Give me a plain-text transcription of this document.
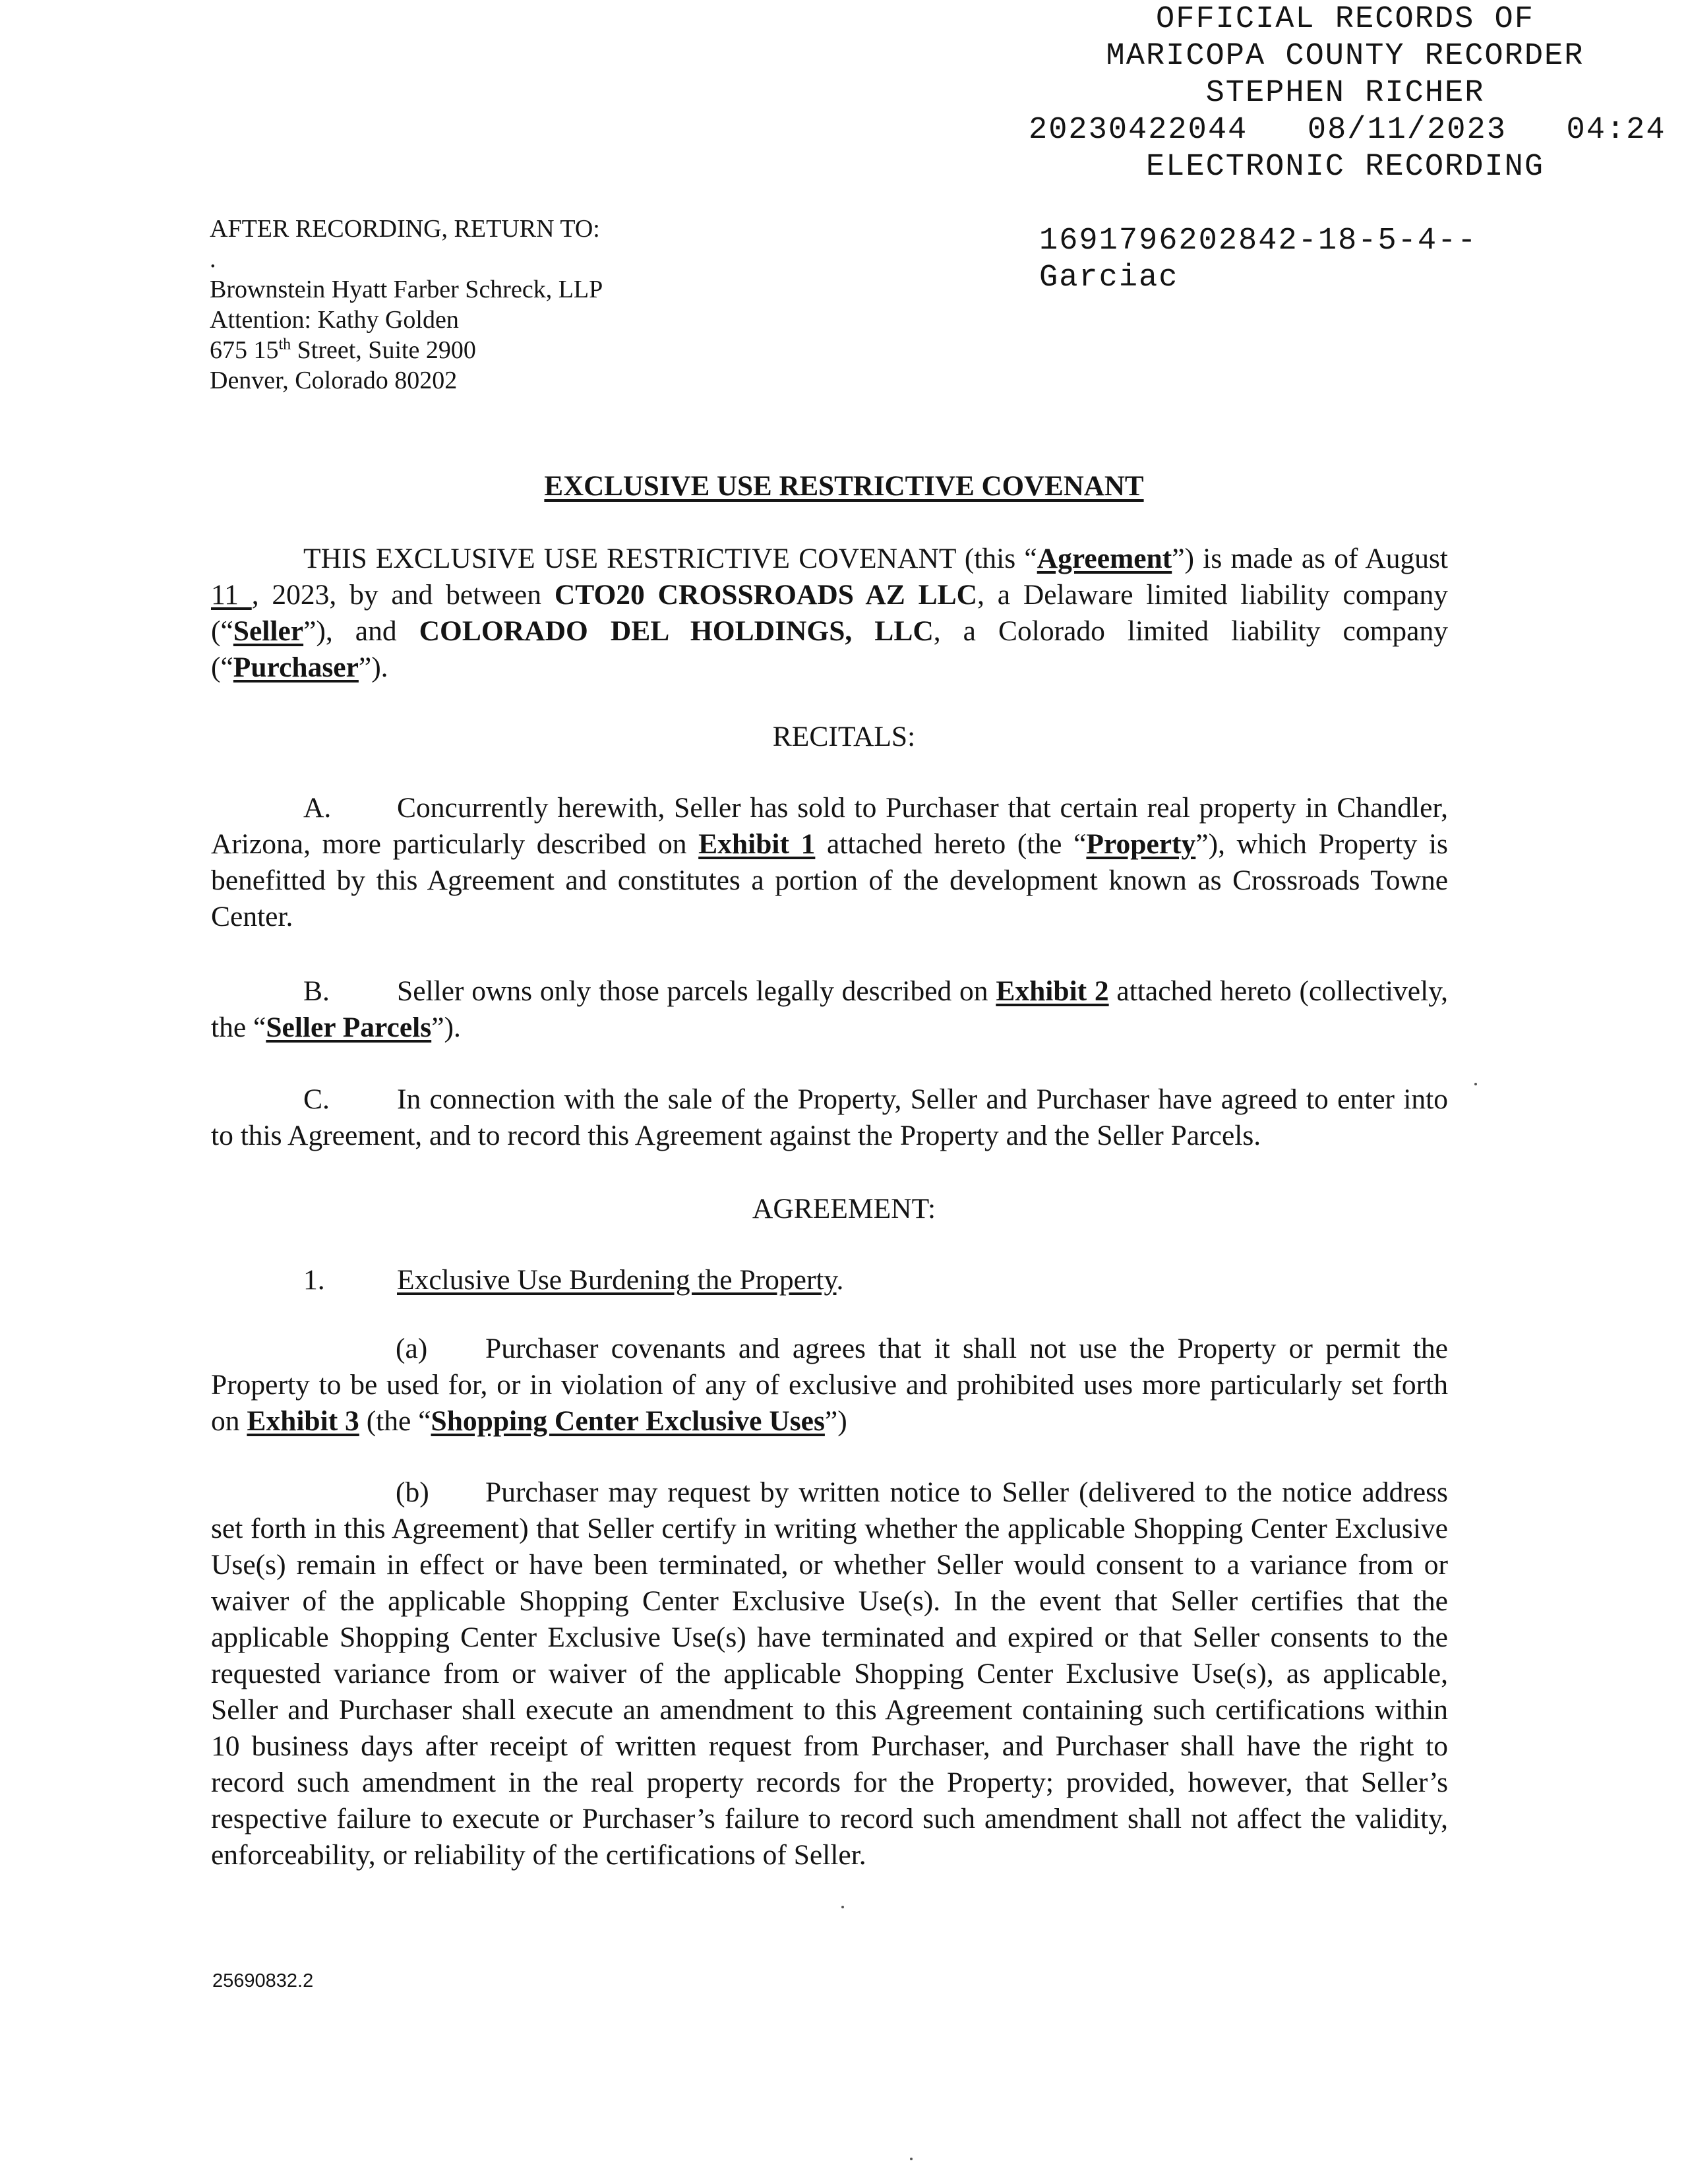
OFFICIAL RECORDS OF
MARICOPA COUNTY RECORDER
STEPHEN RICHER
20230422044   08/11/2023   04:24
ELECTRONIC RECORDING
1691796202842-18-5-4--
Garciac
AFTER RECORDING, RETURN TO:
.
Brownstein Hyatt Farber Schreck, LLP
Attention: Kathy Golden
675 15th Street, Suite 2900
Denver, Colorado 80202
EXCLUSIVE USE RESTRICTIVE COVENANT
THIS EXCLUSIVE USE RESTRICTIVE COVENANT (this “Agreement”) is made as of August 11 , 2023, by and between CTO20 CROSSROADS AZ LLC, a Delaware limited liability company (“Seller”), and COLORADO DEL HOLDINGS, LLC, a Colorado limited liability company (“Purchaser”).
RECITALS:
A. Concurrently herewith, Seller has sold to Purchaser that certain real property in Chandler, Arizona, more particularly described on Exhibit 1 attached hereto (the “Property”), which Property is benefitted by this Agreement and constitutes a portion of the development known as Crossroads Towne Center.
B. Seller owns only those parcels legally described on Exhibit 2 attached hereto (collectively, the “Seller Parcels”).
C. In connection with the sale of the Property, Seller and Purchaser have agreed to enter into to this Agreement, and to record this Agreement against the Property and the Seller Parcels.
AGREEMENT:
1.	Exclusive Use Burdening the Property.
(a) Purchaser covenants and agrees that it shall not use the Property or permit the Property to be used for, or in violation of any of exclusive and prohibited uses more particularly set forth on Exhibit 3 (the “Shopping Center Exclusive Uses”)
(b) Purchaser may request by written notice to Seller (delivered to the notice address set forth in this Agreement) that Seller certify in writing whether the applicable Shopping Center Exclusive Use(s) remain in effect or have been terminated, or whether Seller would consent to a variance from or waiver of the applicable Shopping Center Exclusive Use(s). In the event that Seller certifies that the applicable Shopping Center Exclusive Use(s) have terminated and expired or that Seller consents to the requested variance from or waiver of the applicable Shopping Center Exclusive Use(s), as applicable, Seller and Purchaser shall execute an amendment to this Agreement containing such certifications within 10 business days after receipt of written request from Purchaser, and Purchaser shall have the right to record such amendment in the real property records for the Property; provided, however, that Seller’s respective failure to execute or Purchaser’s failure to record such amendment shall not affect the validity, enforceability, or reliability of the certifications of Seller.
25690832.2
